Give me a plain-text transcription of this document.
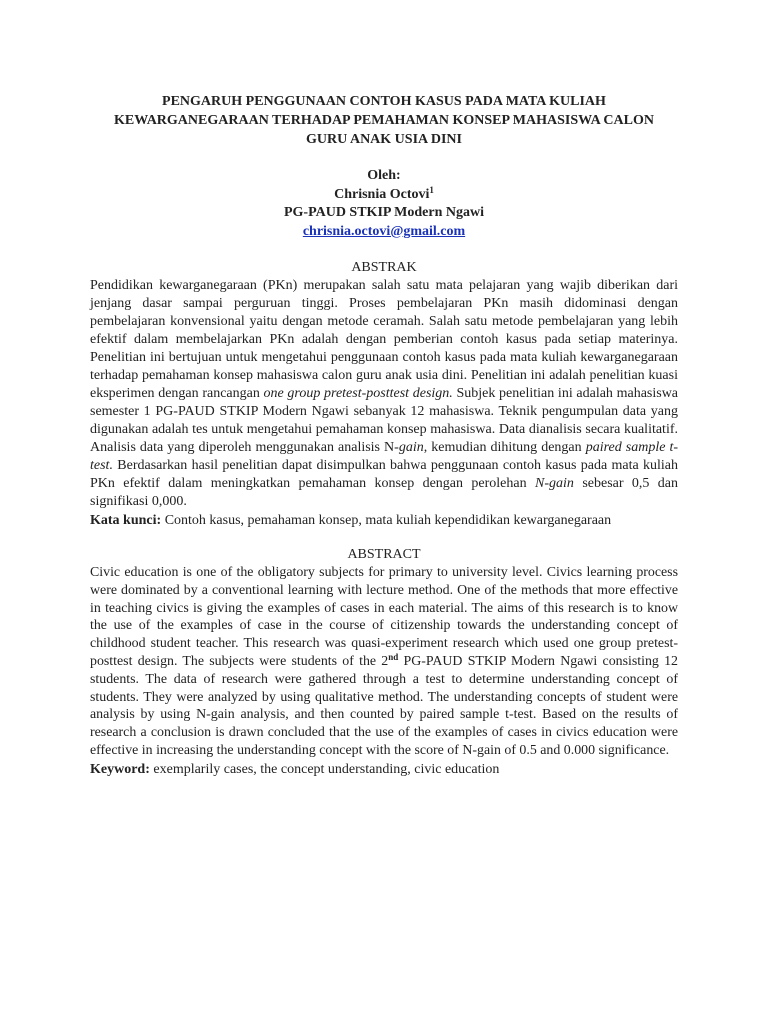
PENGARUH PENGGUNAAN CONTOH KASUS PADA MATA KULIAH
KEWARGANEGARAAN TERHADAP PEMAHAMAN KONSEP MAHASISWA CALON
GURU ANAK USIA DINI
Oleh:
Chrisnia Octovi$^1$
PG-PAUD STKIP Modern Ngawi
chrisnia.octovi@gmail.com
ABSTRAK

Pendidikan kewarganegaraan (PKn) merupakan salah satu mata pelajaran yang wajib diberikan dari jenjang dasar sampai perguruan tinggi. Proses pembelajaran PKn masih didominasi dengan pembelajaran konvensional yaitu dengan metode ceramah. Salah satu metode pembelajaran yang lebih efektif dalam membelajarkan PKn adalah dengan pemberian contoh kasus pada setiap materinya. Penelitian ini bertujuan untuk mengetahui penggunaan contoh kasus pada mata kuliah kewarganegaraan terhadap pemahaman konsep mahasiswa calon guru anak usia dini. Penelitian ini adalah penelitian kuasi eksperimen dengan rancangan one group pretest-posttest design. Subjek penelitian ini adalah mahasiswa semester 1 PG-PAUD STKIP Modern Ngawi sebanyak 12 mahasiswa. Teknik pengumpulan data yang digunakan adalah tes untuk mengetahui pemahaman konsep mahasiswa. Data dianalisis secara kualitatif. Analisis data yang diperoleh menggunakan analisis N-gain, kemudian dihitung dengan paired sample t-test. Berdasarkan hasil penelitian dapat disimpulkan bahwa penggunaan contoh kasus pada mata kuliah PKn efektif dalam meningkatkan pemahaman konsep dengan perolehan N-gain sebesar 0,5 dan signifikasi 0,000.

Kata kunci: Contoh kasus, pemahaman konsep, mata kuliah kependidikan kewarganegaraan

ABSTRACT

Civic education is one of the obligatory subjects for primary to university level. Civics learning process were dominated by a conventional learning with lecture method. One of the methods that more effective in teaching civics is giving the examples of cases in each material. The aims of this research is to know the use of the examples of case in the course of citizenship towards the understanding concept of childhood student teacher. This research was quasi-experiment research which used one group pretest-posttest design. The subjects were students of the 2nd PG-PAUD STKIP Modern Ngawi consisting 12 students. The data of research were gathered through a test to determine understanding concept of students. They were analyzed by using qualitative method. The understanding concepts of student were analysis by using N-gain analysis, and then counted by paired sample t-test. Based on the results of research a conclusion is drawn concluded that the use of the examples of cases in civics education were effective in increasing the understanding concept with the score of N-gain of 0.5 and 0.000 significance.

Keyword: exemplarily cases, the concept understanding, civic education
